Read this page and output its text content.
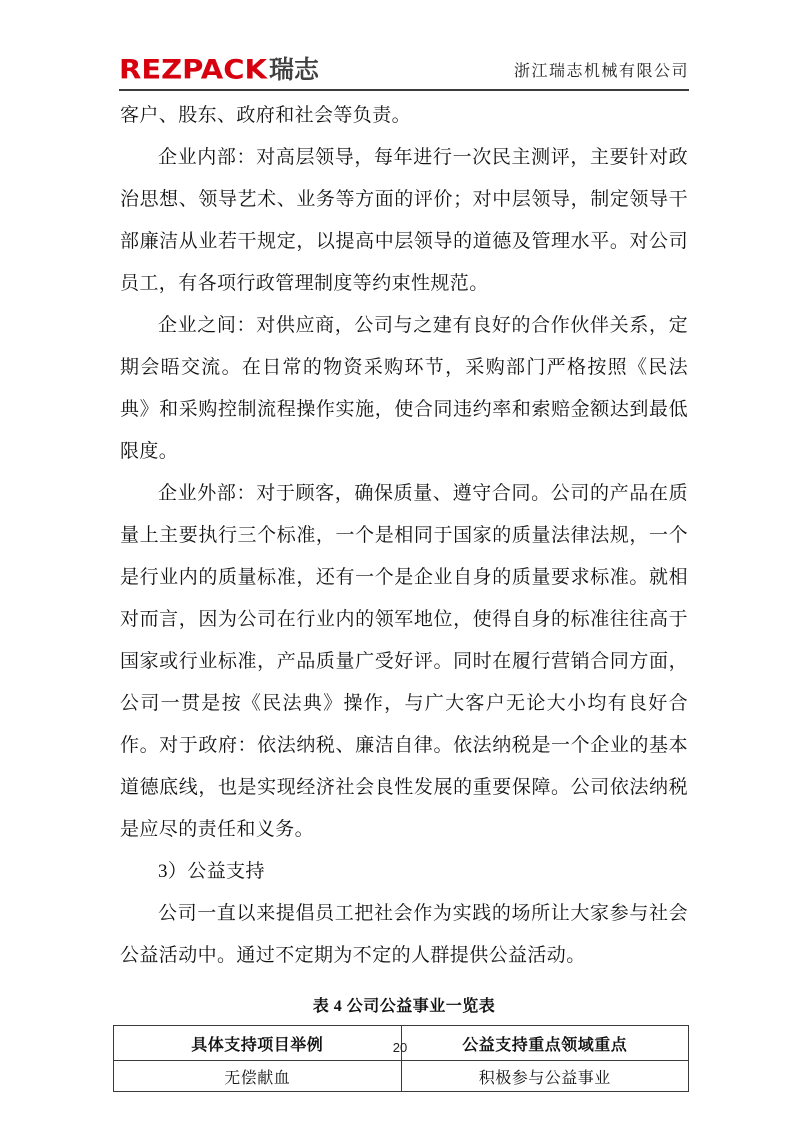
REZPACK 瑞志	浙江瑞志机械有限公司

客户、股东、政府和社会等负责。

企业内部：对高层领导，每年进行一次民主测评，主要针对政治思想、领导艺术、业务等方面的评价；对中层领导，制定领导干部廉洁从业若干规定，以提高中层领导的道德及管理水平。对公司员工，有各项行政管理制度等约束性规范。

企业之间：对供应商，公司与之建有良好的合作伙伴关系，定期会晤交流。在日常的物资采购环节，采购部门严格按照《民法典》和采购控制流程操作实施，使合同违约率和索赔金额达到最低限度。

企业外部：对于顾客，确保质量、遵守合同。公司的产品在质量上主要执行三个标准，一个是相同于国家的质量法律法规，一个是行业内的质量标准，还有一个是企业自身的质量要求标准。就相对而言，因为公司在行业内的领军地位，使得自身的标准往往高于国家或行业标准，产品质量广受好评。同时在履行营销合同方面，公司一贯是按《民法典》操作，与广大客户无论大小均有良好合作。对于政府：依法纳税、廉洁自律。依法纳税是一个企业的基本道德底线，也是实现经济社会良性发展的重要保障。公司依法纳税是应尽的责任和义务。

3）公益支持

公司一直以来提倡员工把社会作为实践的场所让大家参与社会公益活动中。通过不定期为不定的人群提供公益活动。

表 4 公司公益事业一览表
具体支持项目举例	公益支持重点领域重点
无偿献血	积极参与公益事业
20
